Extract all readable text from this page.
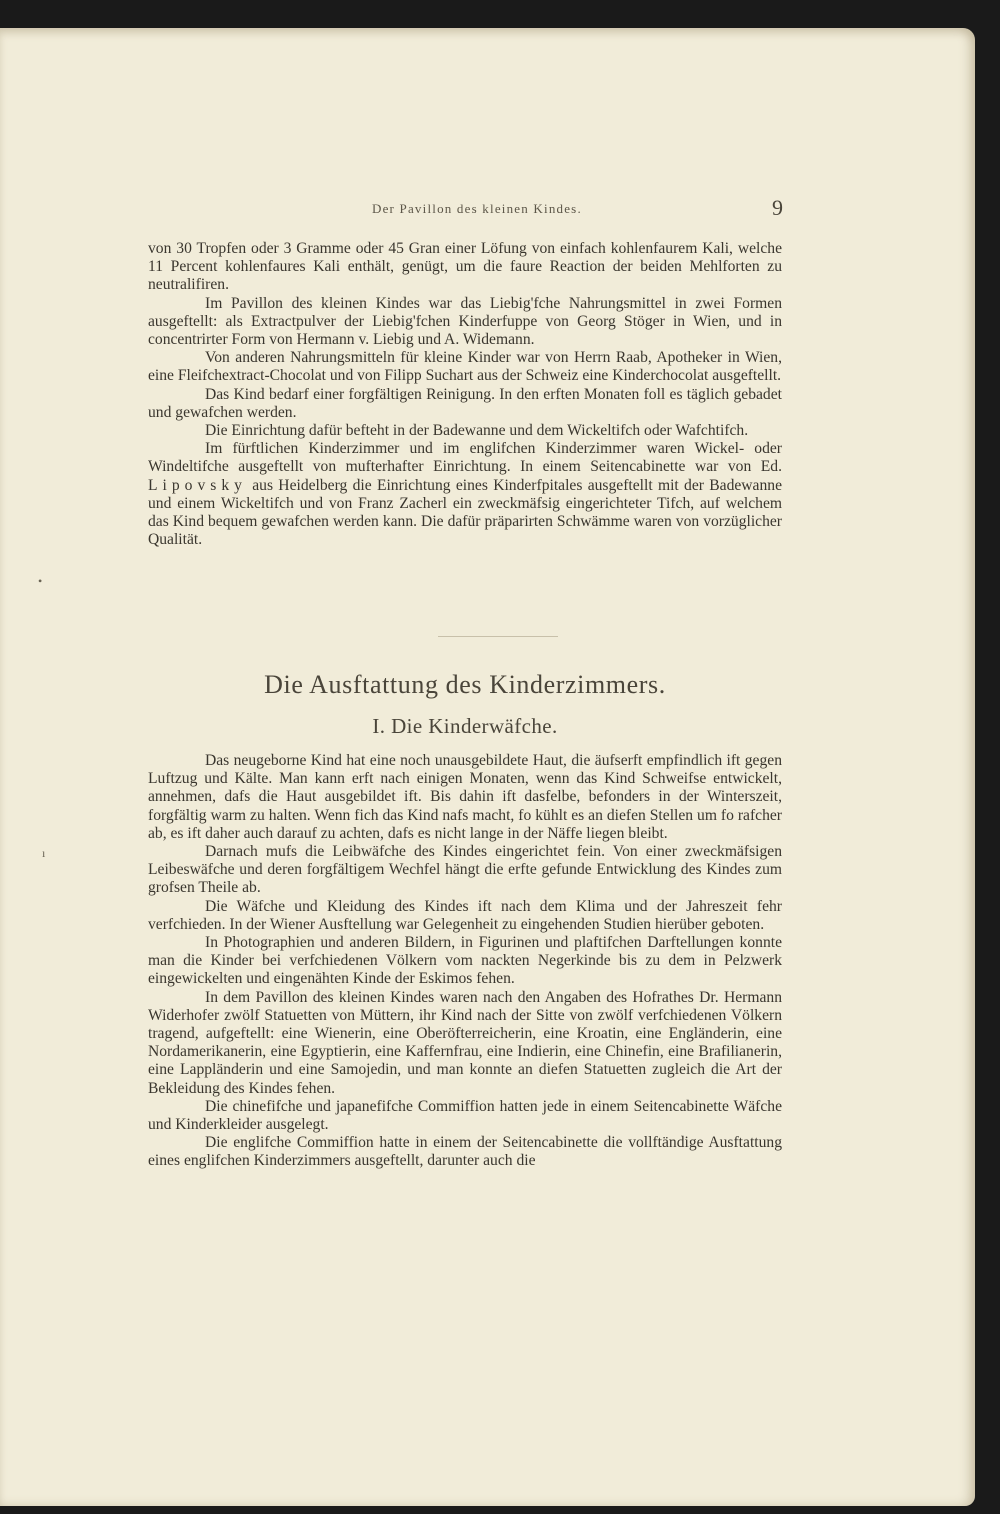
Der Pavillon des kleinen Kindes.	9

von 30 Tropfen oder 3 Gramme oder 45 Gran einer Löfung von einfach kohlenfaurem Kali, welche 11 Percent kohlenfaures Kali enthält, genügt, um die faure Reaction der beiden Mehlforten zu neutralifiren.

Im Pavillon des kleinen Kindes war das Liebig'fche Nahrungsmittel in zwei Formen ausgeftellt: als Extractpulver der Liebig'fchen Kinderfuppe von Georg Stöger in Wien, und in concentrirter Form von Hermann v. Liebig und A. Widemann.

Von anderen Nahrungsmitteln für kleine Kinder war von Herrn Raab, Apotheker in Wien, eine Fleifchextract-Chocolat und von Filipp Suchart aus der Schweiz eine Kinderchocolat ausgeftellt.

Das Kind bedarf einer forgfältigen Reinigung. In den erften Monaten foll es täglich gebadet und gewafchen werden.

Die Einrichtung dafür befteht in der Badewanne und dem Wickeltifch oder Wafchtifch.

Im fürftlichen Kinderzimmer und im englifchen Kinderzimmer waren Wickel- oder Windeltifche ausgeftellt von mufterhafter Einrichtung. In einem Seitencabinette war von Ed. Lipovsky aus Heidelberg die Einrichtung eines Kinderfpitales ausgeftellt mit der Badewanne und einem Wickeltifch und von Franz Zacherl ein zweckmäfsig eingerichteter Tifch, auf welchem das Kind bequem gewafchen werden kann. Die dafür präparirten Schwämme waren von vorzüglicher Qualität.

Die Ausftattung des Kinderzimmers.
I. Die Kinderwäfche.

Das neugeborne Kind hat eine noch unausgebildete Haut, die äufserft empfindlich ift gegen Luftzug und Kälte. Man kann erft nach einigen Monaten, wenn das Kind Schweifse entwickelt, annehmen, dafs die Haut ausgebildet ift. Bis dahin ift dasfelbe, befonders in der Winterszeit, forgfältig warm zu halten. Wenn fich das Kind nafs macht, fo kühlt es an diefen Stellen um fo rafcher ab, es ift daher auch darauf zu achten, dafs es nicht lange in der Näffe liegen bleibt.

Darnach mufs die Leibwäfche des Kindes eingerichtet fein. Von einer zweckmäfsigen Leibeswäfche und deren forgfältigem Wechfel hängt die erfte gefunde Entwicklung des Kindes zum grofsen Theile ab.

Die Wäfche und Kleidung des Kindes ift nach dem Klima und der Jahreszeit fehr verfchieden. In der Wiener Ausftellung war Gelegenheit zu eingehenden Studien hierüber geboten.

In Photographien und anderen Bildern, in Figurinen und plaftifchen Darftellungen konnte man die Kinder bei verfchiedenen Völkern vom nackten Negerkinde bis zu dem in Pelzwerk eingewickelten und eingenähten Kinde der Eskimos fehen.

In dem Pavillon des kleinen Kindes waren nach den Angaben des Hofrathes Dr. Hermann Widerhofer zwölf Statuetten von Müttern, ihr Kind nach der Sitte von zwölf verfchiedenen Völkern tragend, aufgeftellt: eine Wienerin, eine Oberöfterreicherin, eine Kroatin, eine Engländerin, eine Nordamerikanerin, eine Egyptierin, eine Kaffernfrau, eine Indierin, eine Chinefin, eine Brafilianerin, eine Lappländerin und eine Samojedin, und man konnte an diefen Statuetten zugleich die Art der Bekleidung des Kindes fehen.

Die chinefifche und japanefifche Commiffion hatten jede in einem Seitencabinette Wäfche und Kinderkleider ausgelegt.

Die englifche Commiffion hatte in einem der Seitencabinette die vollftändige Ausftattung eines englifchen Kinderzimmers ausgeftellt, darunter auch die

•
ı
